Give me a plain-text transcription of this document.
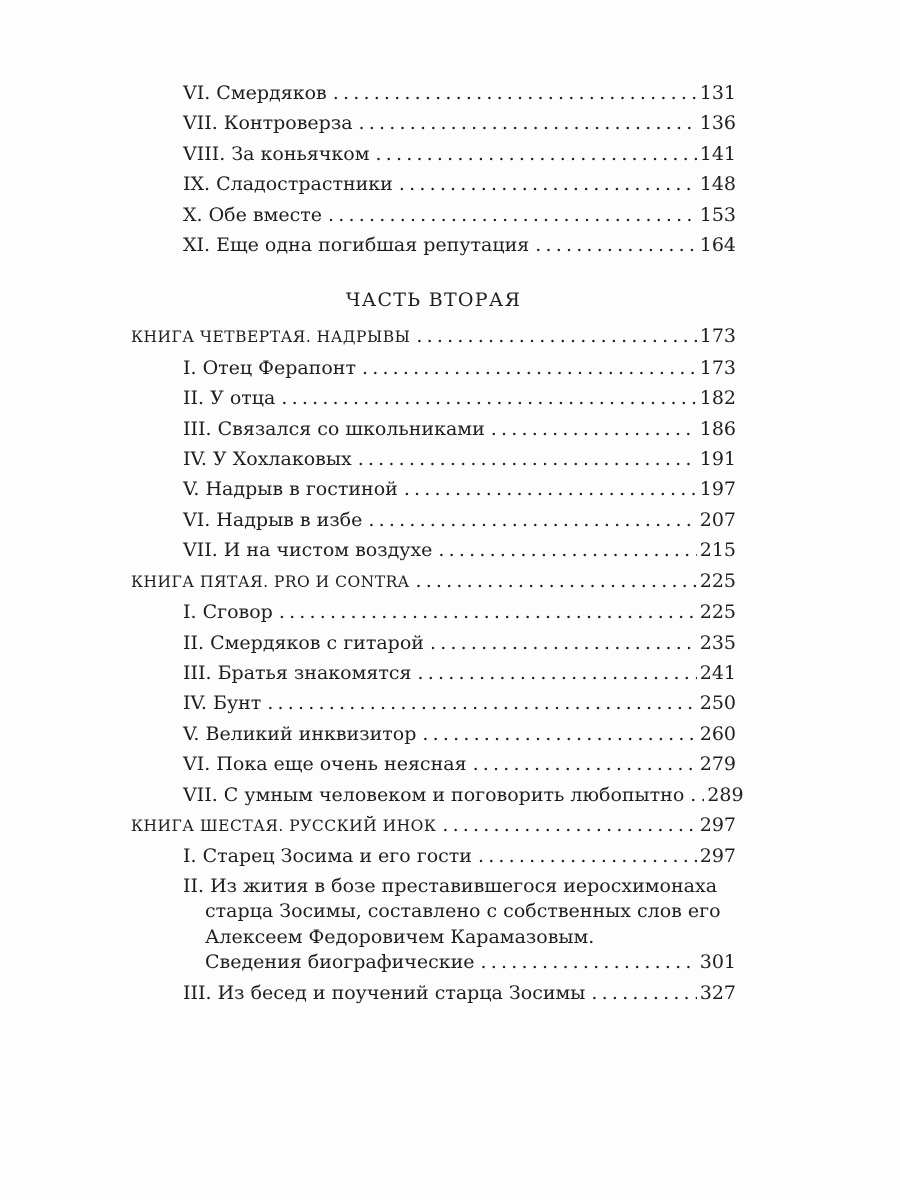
VI. Смердяков .....	131
VII. Контроверза .....	136
VIII. За коньячком .....	141
IX. Сладострастники .....	148
X. Обе вместе .....	153
XI. Еще одна погибшая репутация .....	164
ЧАСТЬ ВТОРАЯ
КНИГА ЧЕТВЕРТАЯ. НАДРЫВЫ .....	173
I. Отец Ферапонт .....	173
II. У отца .....	182
III. Связался со школьниками .....	186
IV. У Хохлаковых .....	191
V. Надрыв в гостиной .....	197
VI. Надрыв в избе .....	207
VII. И на чистом воздухе .....	215
КНИГА ПЯТАЯ. PRO И CONTRA .....	225
I. Сговор .....	225
II. Смердяков с гитарой .....	235
III. Братья знакомятся .....	241
IV. Бунт .....	250
V. Великий инквизитор .....	260
VI. Пока еще очень неясная .....	279
VII. С умным человеком и поговорить любопытно ..... 289
КНИГА ШЕСТАЯ. РУССКИЙ ИНОК .....	297
I. Старец Зосима и его гости .....	297
II. Из жития в бозе преставившегося иеросхимонаха
старца Зосимы, составлено с собственных слов его
Алексеем Федоровичем Карамазовым.
Сведения биографические .....	301
III. Из бесед и поучений старца Зосимы .....	327
